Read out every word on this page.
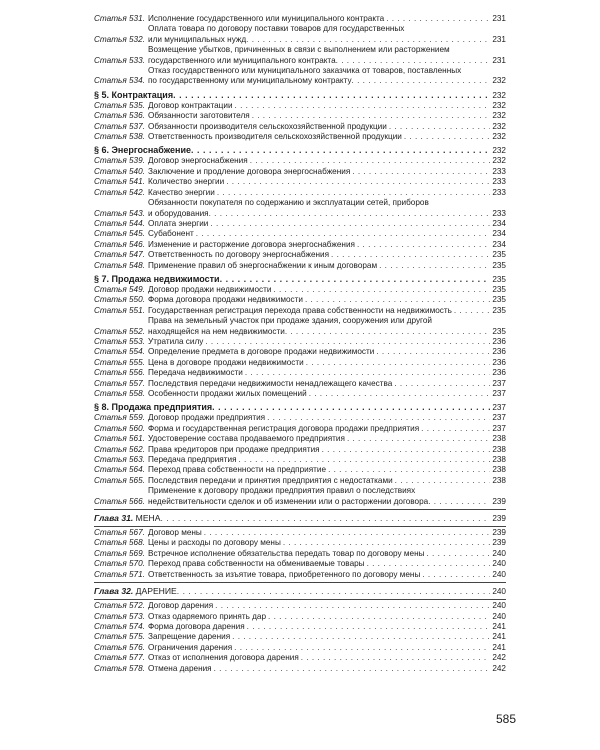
Статья 531. Исполнение государственного или муниципального контракта . . .	231
Статья 532.
Оплата товара по договору поставки товаров для государственных
или муниципальных нужд . . .	231
Статья 533.
Возмещение убытков, причиненных в связи с выполнением или расторжением
государственного или муниципального контракта . . .	231
Статья 534.
Отказ государственного или муниципального заказчика от товаров, поставленных
по государственному или муниципальному контракту . . .	232
§ 5. Контрактация . . .	232
Статья 535. Договор контрактации . . .	232
Статья 536. Обязанности заготовителя . . .	232
Статья 537. Обязанности производителя сельскохозяйственной продукции . . .	232
Статья 538. Ответственность производителя сельскохозяйственной продукции . . .	232
§ 6. Энергоснабжение . . .	232
Статья 539. Договор энергоснабжения . . .	232
Статья 540. Заключение и продление договора энергоснабжения . . .	233
Статья 541. Количество энергии . . .	233
Статья 542. Качество энергии . . .	233
Статья 543.
Обязанности покупателя по содержанию и эксплуатации сетей, приборов
и оборудования . . .	233
Статья 544. Оплата энергии . . .	234
Статья 545. Субабонент . . .	234
Статья 546. Изменение и расторжение договора энергоснабжения . . .	234
Статья 547. Ответственность по договору энергоснабжения . . .	235
Статья 548. Применение правил об энергоснабжении к иным договорам . . .	235
§ 7. Продажа недвижимости . . .	235
Статья 549. Договор продажи недвижимости . . .	235
Статья 550. Форма договора продажи недвижимости . . .	235
Статья 551. Государственная регистрация перехода права собственности на недвижимость . . .	235
Статья 552.
Права на земельный участок при продаже здания, сооружения или другой
находящейся на нем недвижимости . . .	235
Статья 553. Утратила силу . . .	236
Статья 554. Определение предмета в договоре продажи недвижимости . . .	236
Статья 555. Цена в договоре продажи недвижимости . . .	236
Статья 556. Передача недвижимости . . .	236
Статья 557. Последствия передачи недвижимости ненадлежащего качества . . .	237
Статья 558. Особенности продажи жилых помещений . . .	237
§ 8. Продажа предприятия . . .	237
Статья 559. Договор продажи предприятия . . .	237
Статья 560. Форма и государственная регистрация договора продажи предприятия . . .	237
Статья 561. Удостоверение состава продаваемого предприятия . . .	238
Статья 562. Права кредиторов при продаже предприятия . . .	238
Статья 563. Передача предприятия . . .	238
Статья 564. Переход права собственности на предприятие . . .	238
Статья 565. Последствия передачи и принятия предприятия с недостатками . . .	238
Статья 566.
Применение к договору продажи предприятия правил о последствиях
недействительности сделок и об изменении или о расторжении договора . . .	239
Глава 31. МЕНА . . .	239
Статья 567. Договор мены . . .	239
Статья 568. Цены и расходы по договору мены . . .	239
Статья 569. Встречное исполнение обязательства передать товар по договору мены . . .	240
Статья 570. Переход права собственности на обмениваемые товары . . .	240
Статья 571. Ответственность за изъятие товара, приобретенного по договору мены . . .	240
Глава 32. ДАРЕНИЕ . . .	240
Статья 572. Договор дарения . . .	240
Статья 573. Отказ одаряемого принять дар . . .	240
Статья 574. Форма договора дарения . . .	241
Статья 575. Запрещение дарения . . .	241
Статья 576. Ограничения дарения . . .	241
Статья 577. Отказ от исполнения договора дарения . . .	242
Статья 578. Отмена дарения . . .	242
585
